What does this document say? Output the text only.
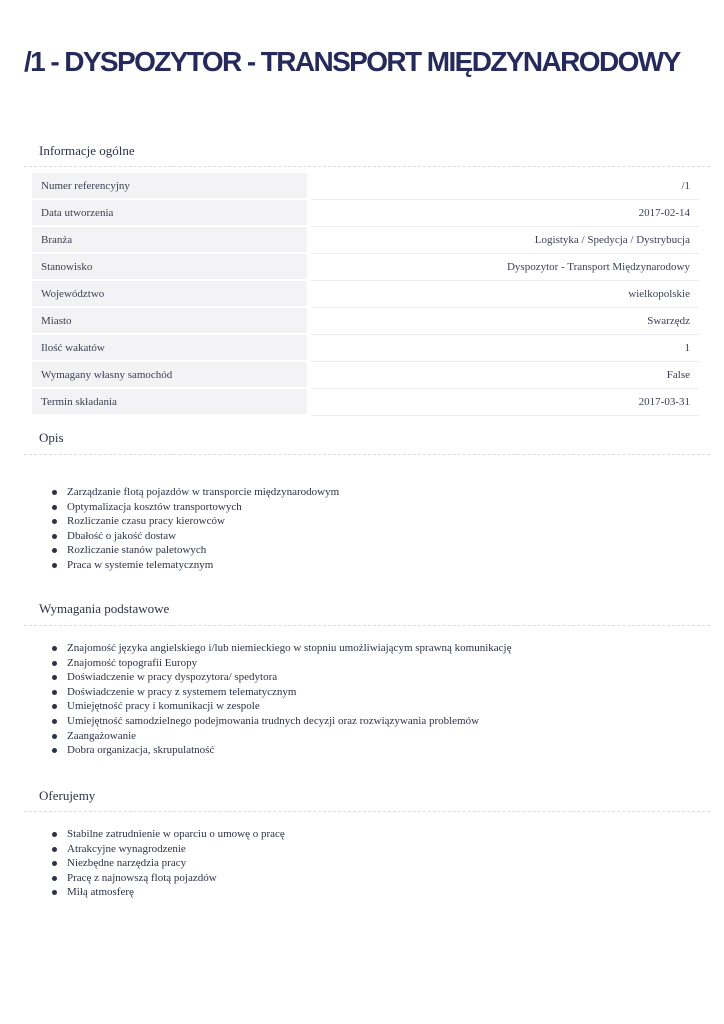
/1 - DYSPOZYTOR - TRANSPORT MIĘDZYNARODOWY
Informacje ogólne
Numer referencyjny		/1
Data utworzenia		2017-02-14
Branża		Logistyka / Spedycja / Dystrybucja
Stanowisko		Dyspozytor - Transport Międzynarodowy
Województwo		wielkopolskie
Miasto		Swarzędz
Ilość wakatów		1
Wymagany własny samochód		False
Termin składania		2017-03-31
Opis
Zarządzanie flotą pojazdów w transporcie międzynarodowym
Optymalizacja kosztów transportowych
Rozliczanie czasu pracy kierowców
Dbałość o jakość dostaw
Rozliczanie stanów paletowych
Praca w systemie telematycznym
Wymagania podstawowe
Znajomość języka angielskiego i/lub niemieckiego w stopniu umożliwiającym sprawną komunikację
Znajomość topografii Europy
Doświadczenie w pracy dyspozytora/ spedytora
Doświadczenie w pracy z systemem telematycznym
Umiejętność pracy i komunikacji w zespole
Umiejętność samodzielnego podejmowania trudnych decyzji oraz rozwiązywania problemów
Zaangażowanie
Dobra organizacja, skrupulatność
Oferujemy
Stabilne zatrudnienie w oparciu o umowę o pracę
Atrakcyjne wynagrodzenie
Niezbędne narzędzia pracy
Pracę z najnowszą flotą pojazdów
Miłą atmosferę
